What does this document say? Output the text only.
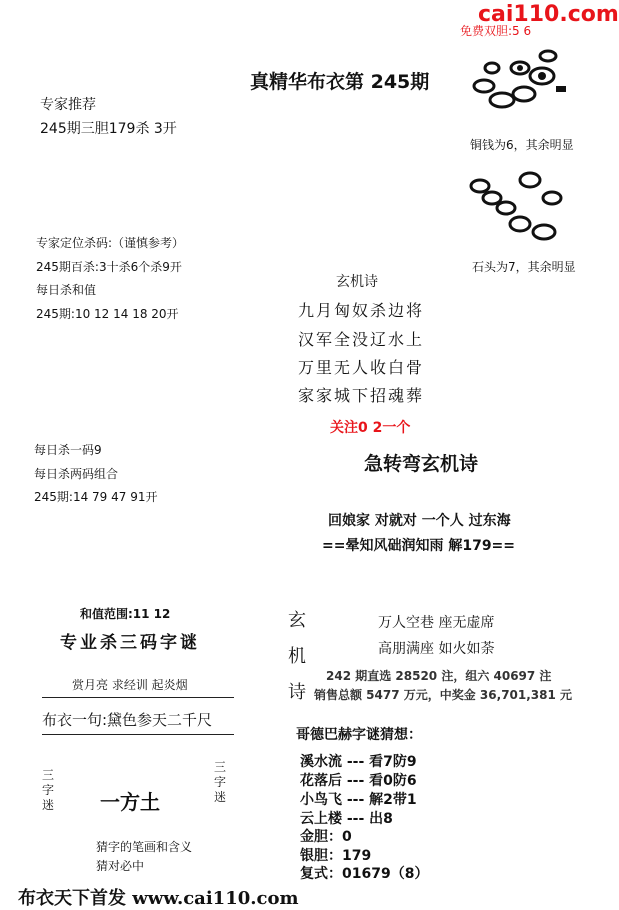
cai110.com
免费双胆:5 6
真精华布衣第 245期
专家推荐
245期三胆179杀 3开
铜钱为6，其余明显
石头为7，其余明显
专家定位杀码:（谨慎参考）
245期百杀:3十杀6个杀9开
每日杀和值
245期:10 12 14 18 20开
玄机诗
九月匈奴杀边将
汉军全没辽水上
万里无人收白骨
家家城下招魂葬
关注0 2一个
急转弯玄机诗
回娘家 对就对 一个人 过东海
==晕知风础润知雨 解179==
每日杀一码9
每日杀两码组合
245期:14 79 47 91开
和值范围:11 12
专业杀三码字谜
赏月亮 求经训 起炎烟
布衣一句:黛色参天二千尺
三字迷 一方土
三字迷
猜字的笔画和含义
猜对必中
玄
机
诗
万人空巷 座无虚席
高朋满座 如火如荼
242 期直选 28520 注，组六 40697 注
销售总额 5477 万元，中奖金 36,701,381 元
哥德巴赫字谜猜想：
溪水流 --- 看7防9
花落后 --- 看0防6
小鸟飞 --- 解2带1
云上楼 --- 出8
金胆：0
银胆：179
复式：01679（8）
布衣天下首发 www.cai110.com
